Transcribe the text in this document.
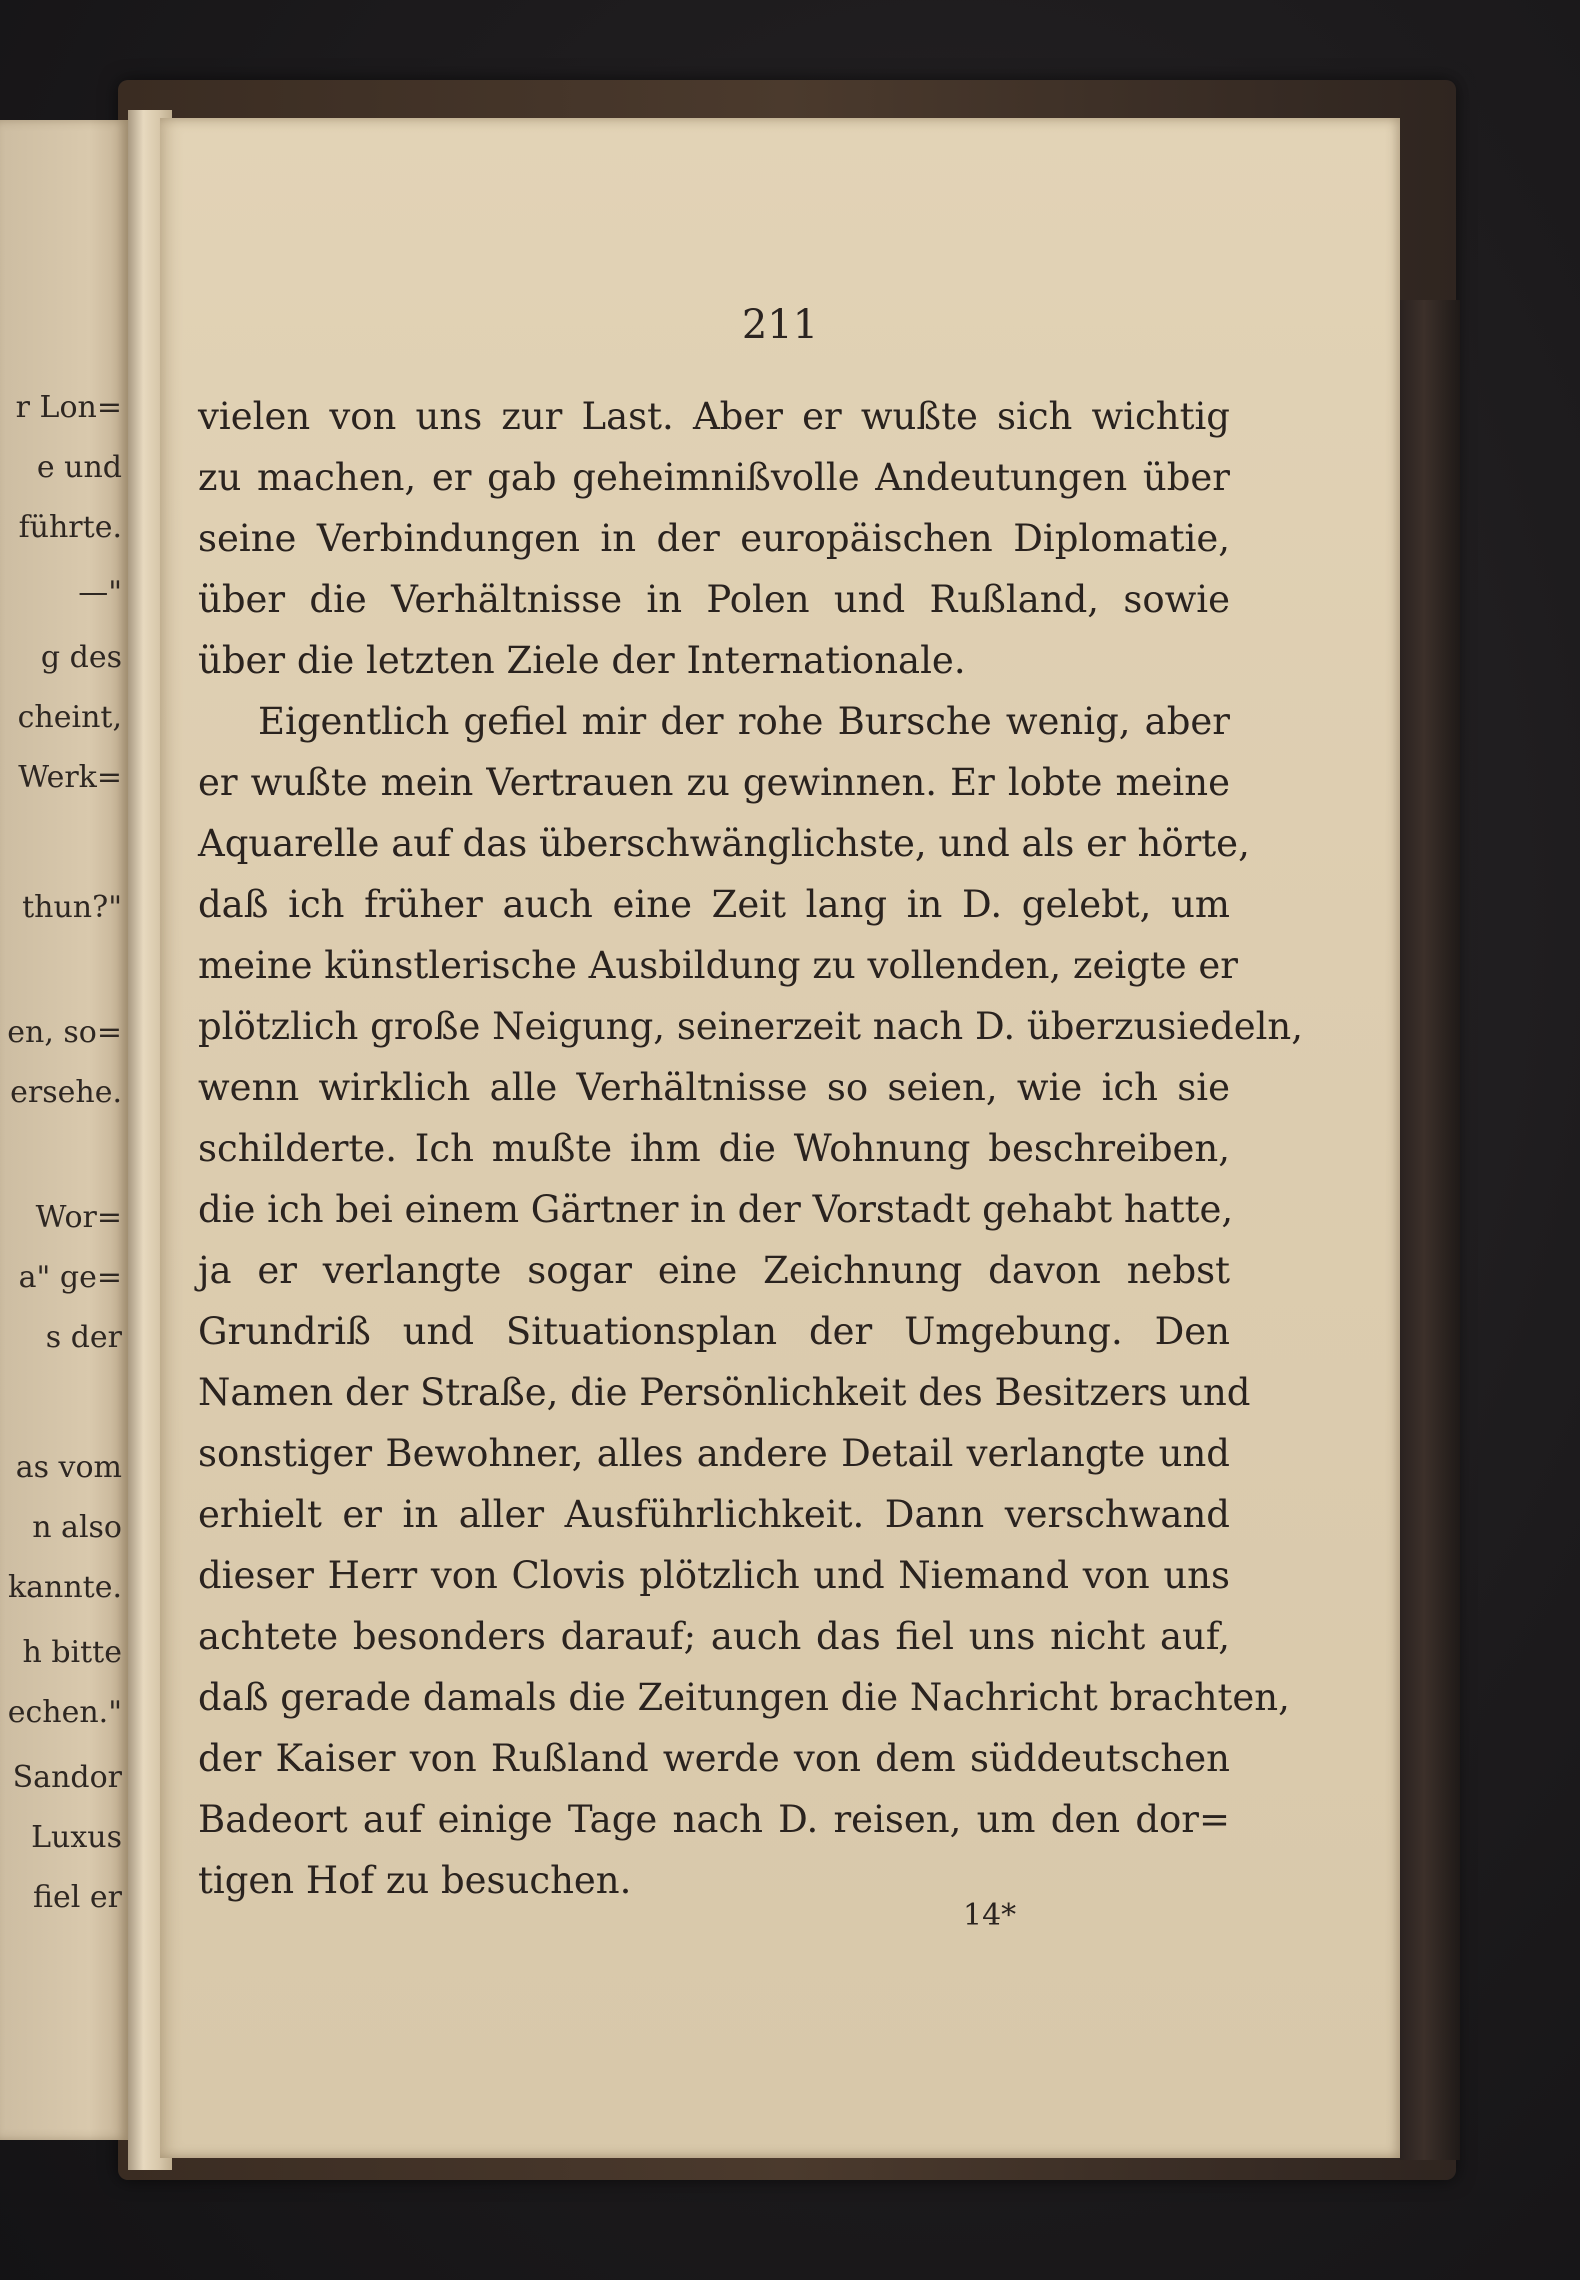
r Lon=
e und
führte.
—"
g des
cheint,
Werk=
thun?"
en, so=
ersehe.
Wor=
a" ge=
s der
as vom
n also
kannte.
h bitte
echen."
Sandor
Luxus
fiel er
211
vielen von uns zur Last. Aber er wußte sich wichtig
zu machen, er gab geheimnißvolle Andeutungen über
seine Verbindungen in der europäischen Diplomatie,
über die Verhältnisse in Polen und Rußland, sowie
über die letzten Ziele der Internationale.
Eigentlich gefiel mir der rohe Bursche wenig, aber
er wußte mein Vertrauen zu gewinnen. Er lobte meine
Aquarelle auf das überschwänglichste, und als er hörte,
daß ich früher auch eine Zeit lang in D. gelebt, um
meine künstlerische Ausbildung zu vollenden, zeigte er
plötzlich große Neigung, seinerzeit nach D. überzusiedeln,
wenn wirklich alle Verhältnisse so seien, wie ich sie
schilderte. Ich mußte ihm die Wohnung beschreiben,
die ich bei einem Gärtner in der Vorstadt gehabt hatte,
ja er verlangte sogar eine Zeichnung davon nebst
Grundriß und Situationsplan der Umgebung. Den
Namen der Straße, die Persönlichkeit des Besitzers und
sonstiger Bewohner, alles andere Detail verlangte und
erhielt er in aller Ausführlichkeit. Dann verschwand
dieser Herr von Clovis plötzlich und Niemand von uns
achtete besonders darauf; auch das fiel uns nicht auf,
daß gerade damals die Zeitungen die Nachricht brachten,
der Kaiser von Rußland werde von dem süddeutschen
Badeort auf einige Tage nach D. reisen, um den dor=
tigen Hof zu besuchen.
14*
